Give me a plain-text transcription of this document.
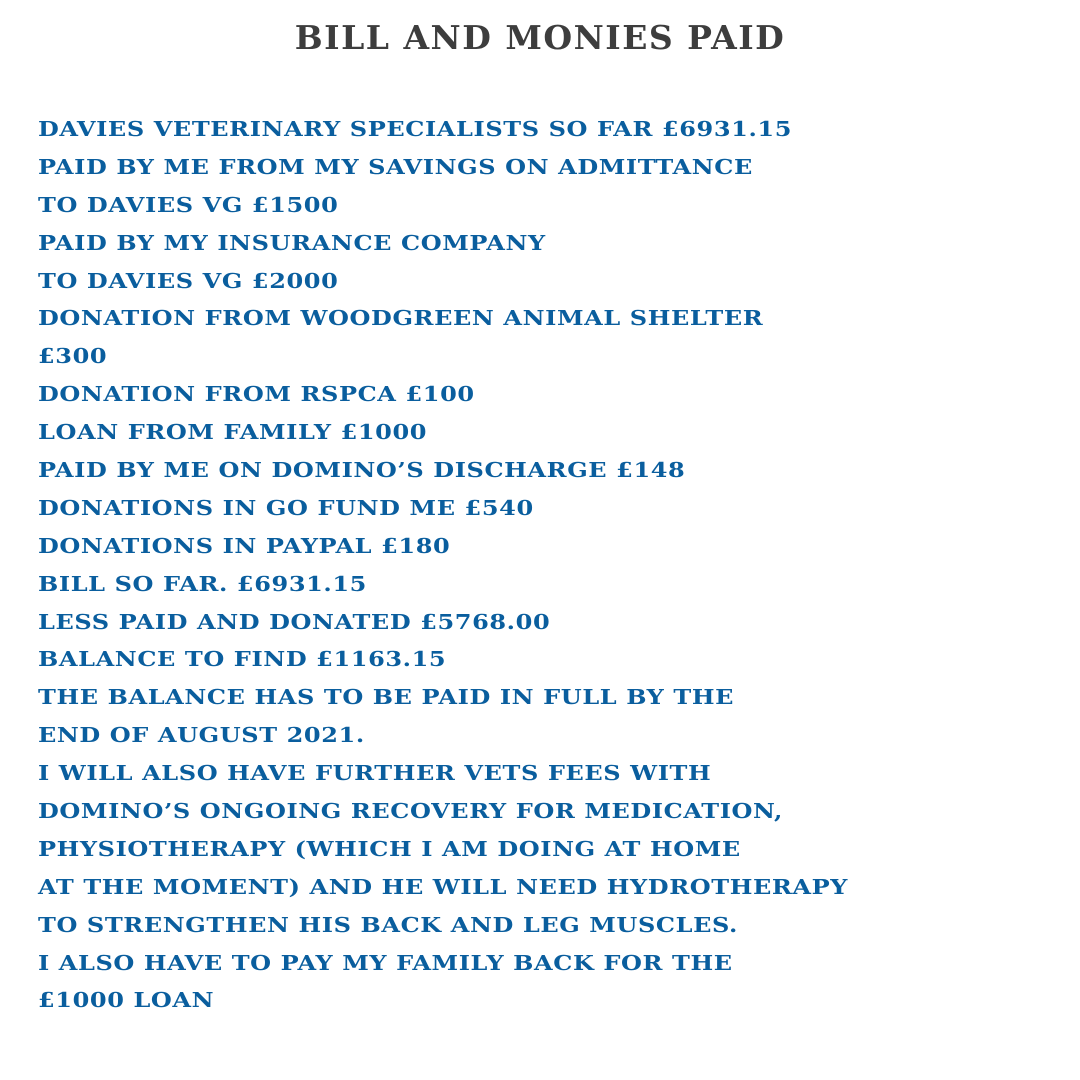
BILL AND MONIES PAID
DAVIES VETERINARY SPECIALISTS SO FAR £6931.15
PAID BY ME FROM MY SAVINGS ON ADMITTANCE
TO DAVIES VG £1500
PAID BY MY INSURANCE COMPANY
TO DAVIES VG £2000
DONATION FROM WOODGREEN ANIMAL SHELTER
£300
DONATION FROM RSPCA £100
LOAN FROM FAMILY £1000
PAID BY ME ON DOMINO’S DISCHARGE £148
DONATIONS IN GO FUND ME £540
DONATIONS IN PAYPAL £180
BILL SO FAR. £6931.15
LESS PAID AND DONATED £5768.00
BALANCE TO FIND £1163.15
THE BALANCE HAS TO BE PAID IN FULL BY THE
END OF AUGUST 2021.
I WILL ALSO HAVE FURTHER VETS FEES WITH
DOMINO’S ONGOING RECOVERY FOR MEDICATION,
PHYSIOTHERAPY (WHICH I AM DOING AT HOME
AT THE MOMENT) AND HE WILL NEED HYDROTHERAPY
TO STRENGTHEN HIS BACK AND LEG MUSCLES.
I ALSO HAVE TO PAY MY FAMILY BACK FOR THE
£1000 LOAN
